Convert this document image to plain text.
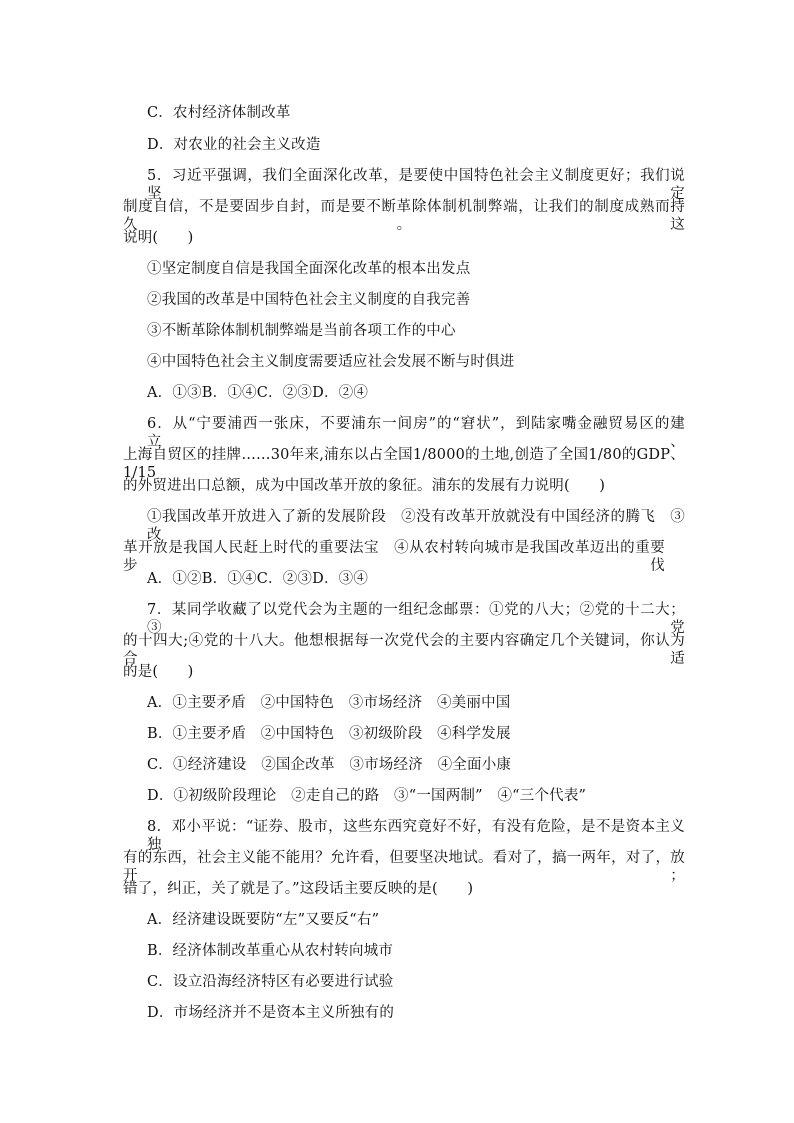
C．农村经济体制改革
D．对农业的社会主义改造
5．习近平强调，我们全面深化改革，是要使中国特色社会主义制度更好；我们说坚定
制度自信，不是要固步自封，而是要不断革除体制机制弊端，让我们的制度成熟而持久。这
说明(　　)
①坚定制度自信是我国全面深化改革的根本出发点
②我国的改革是中国特色社会主义制度的自我完善
③不断革除体制机制弊端是当前各项工作的中心
④中国特色社会主义制度需要适应社会发展不断与时俱进
A．①③B．①④C．②③D．②④
6．从“宁要浦西一张床，不要浦东一间房”的“窘状”，到陆家嘴金融贸易区的建立、
上海自贸区的挂牌……30年来,浦东以占全国1/8000的土地,创造了全国1/80的GDP、1/15
的外贸进出口总额，成为中国改革开放的象征。浦东的发展有力说明(　　)
①我国改革开放进入了新的发展阶段　②没有改革开放就没有中国经济的腾飞　③改
革开放是我国人民赶上时代的重要法宝　④从农村转向城市是我国改革迈出的重要步伐
A．①②B．①④C．②③D．③④
7．某同学收藏了以党代会为主题的一组纪念邮票：①党的八大；②党的十二大；③党
的十四大;④党的十八大。他想根据每一次党代会的主要内容确定几个关键词，你认为合适
的是(　　)
A．①主要矛盾　②中国特色　③市场经济　④美丽中国
B．①主要矛盾　②中国特色　③初级阶段　④科学发展
C．①经济建设　②国企改革　③市场经济　④全面小康
D．①初级阶段理论　②走自己的路　③“一国两制”　④“三个代表”
8．邓小平说：“证券、股市，这些东西究竟好不好，有没有危险，是不是资本主义独
有的东西，社会主义能不能用？允许看，但要坚决地试。看对了，搞一两年，对了，放开；
错了，纠正，关了就是了。”这段话主要反映的是(　　)
A．经济建设既要防“左”又要反“右”
B．经济体制改革重心从农村转向城市
C．设立沿海经济特区有必要进行试验
D．市场经济并不是资本主义所独有的
